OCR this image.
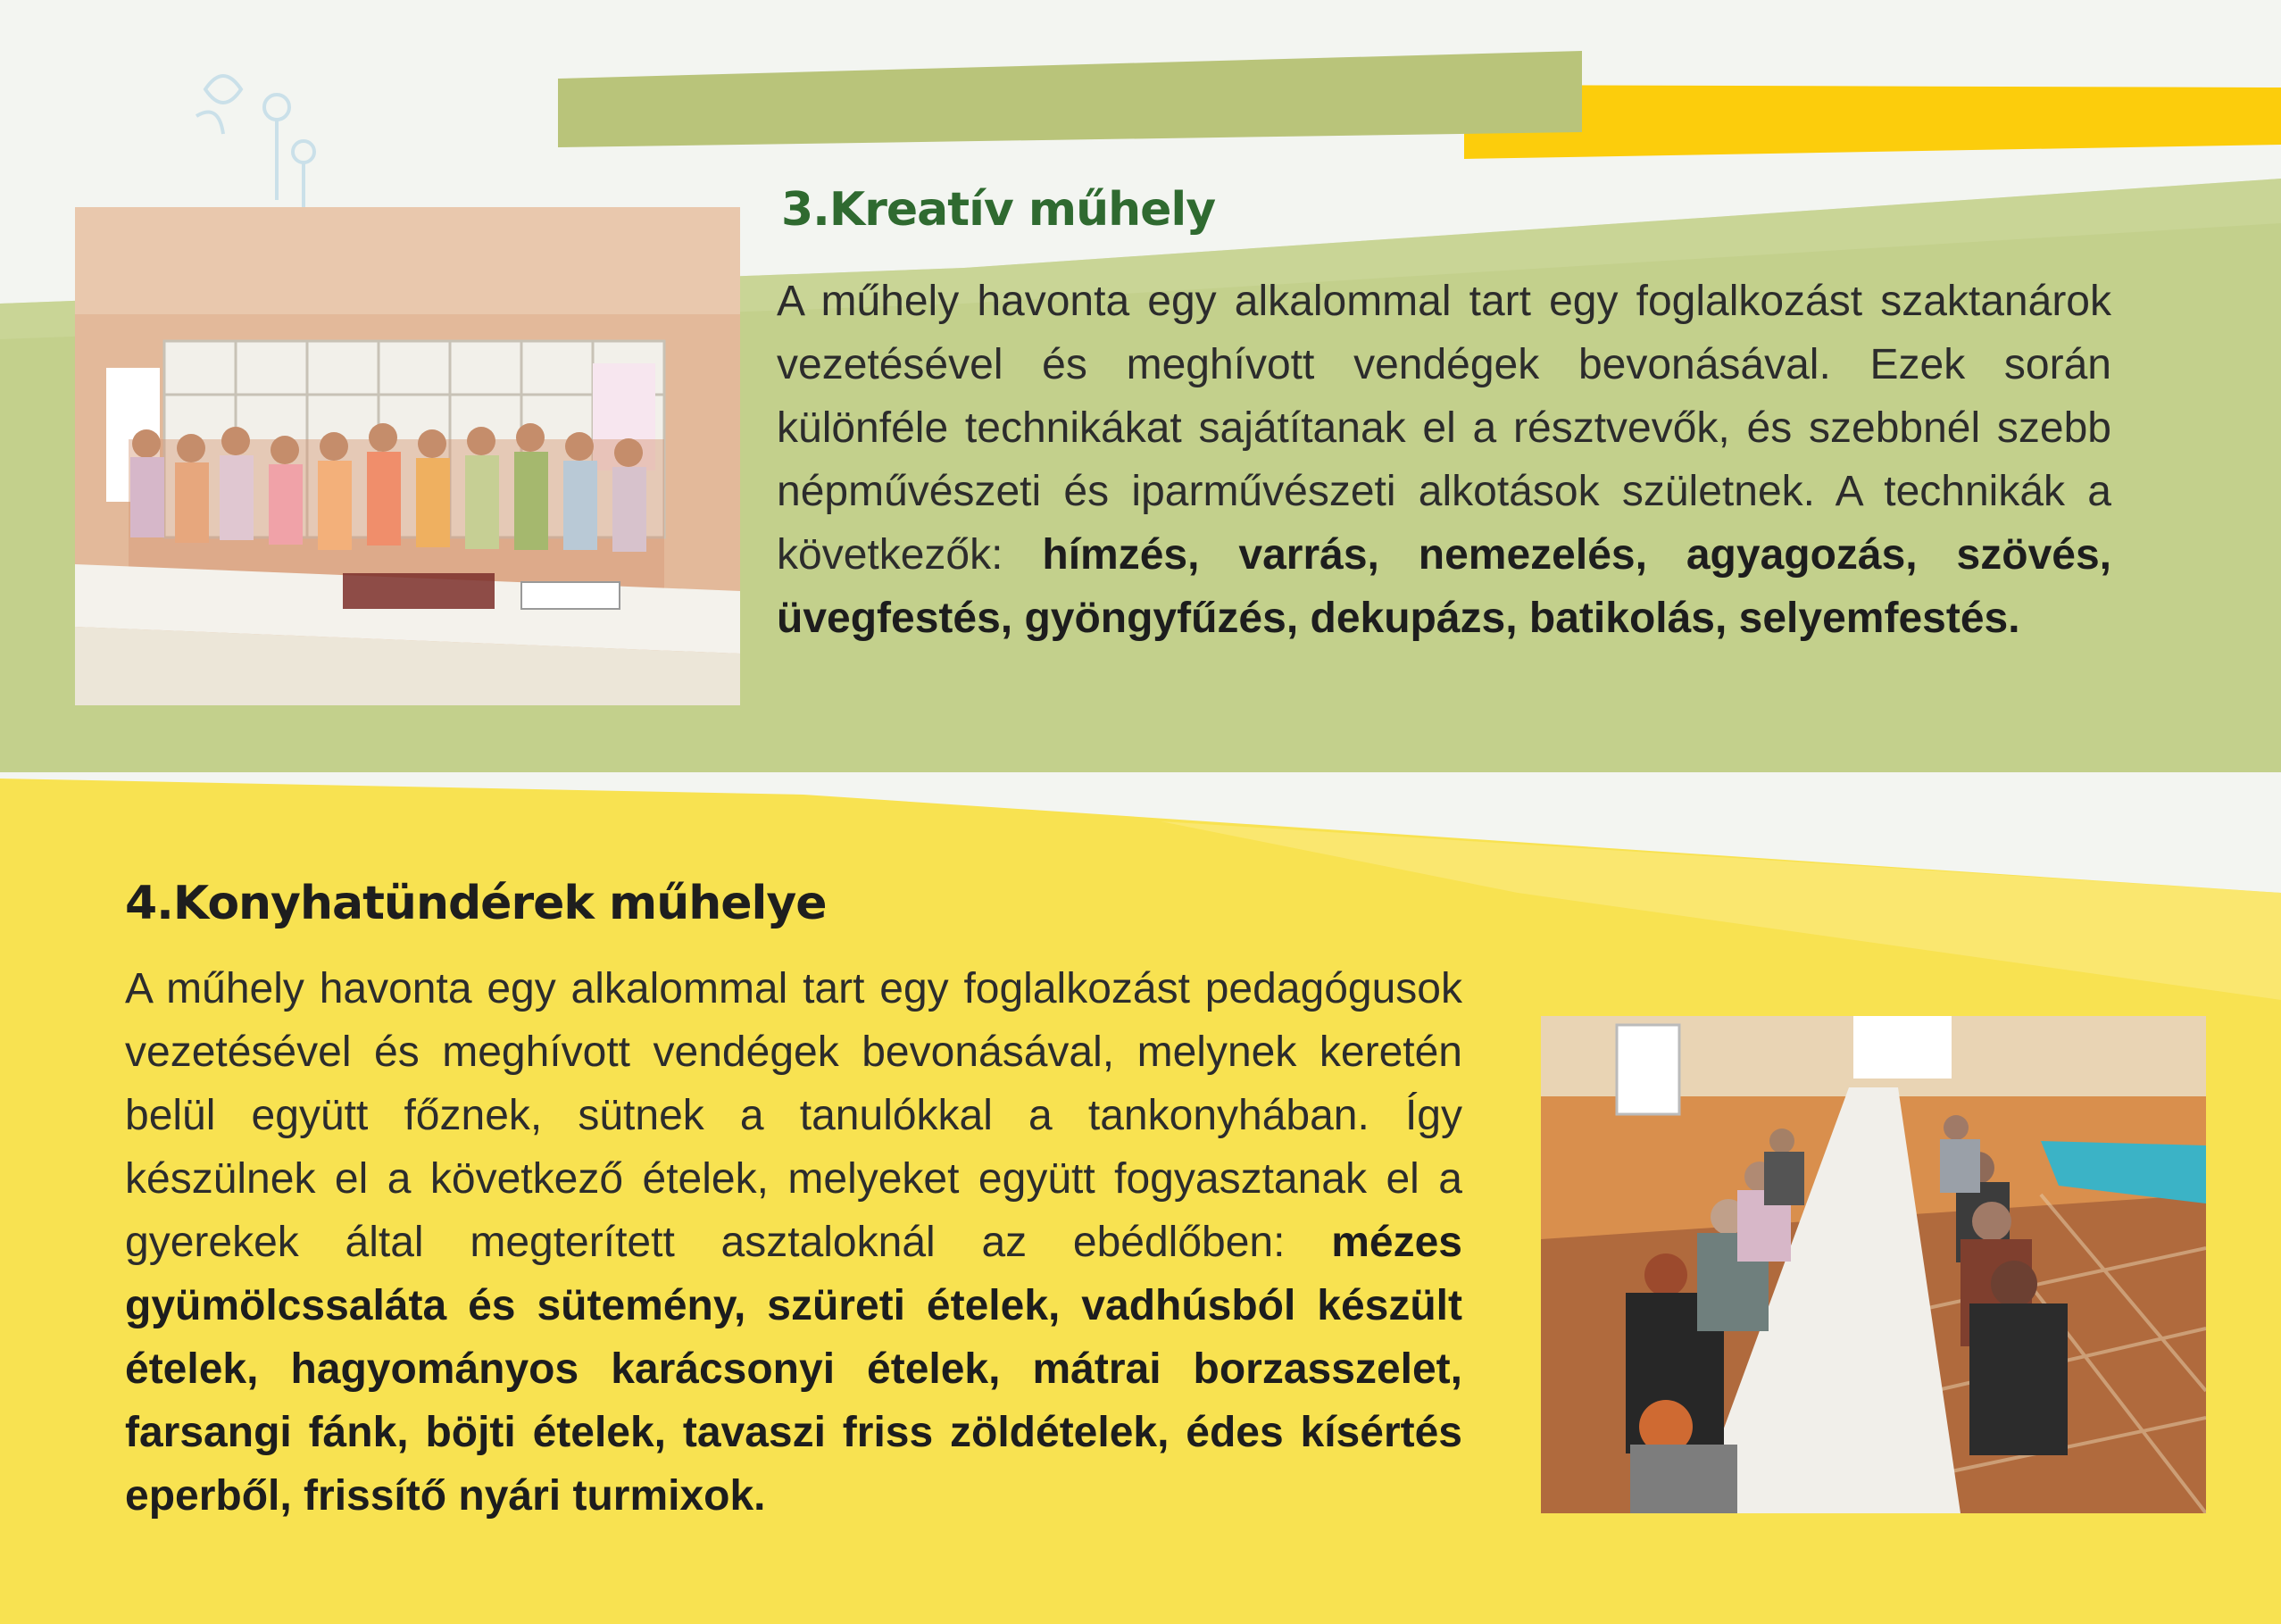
3.Kreatív műhely

A műhely havonta egy alkalommal tart egy foglalkozást szaktanárok vezetésével és meghívott vendégek bevonásával. Ezek során különféle technikákat sajátítanak el a résztvevők, és szebbnél szebb népművészeti és iparművészeti alkotások születnek. A technikák a következők: hímzés, varrás, nemezelés, agyagozás, szövés, üvegfestés, gyöngyfűzés, dekupázs, batikolás, selyemfestés.

4.Konyhatündérek műhelye

A műhely havonta egy alkalommal tart egy foglalkozást pedagógusok vezetésével és meghívott vendégek bevonásával, melynek keretén belül együtt főznek, sütnek a tanulókkal a tankonyhában. Így készülnek el a következő ételek, melyeket együtt fogyasztanak el a gyerekek által megterített asztaloknál az ebédlőben: mézes gyümölcssaláta és sütemény, szüreti ételek, vadhúsból készült ételek, hagyományos karácsonyi ételek, mátrai borzasszelet, farsangi fánk, böjti ételek, tavaszi friss zöldételek, édes kísértés eperből, frissítő nyári turmixok.
